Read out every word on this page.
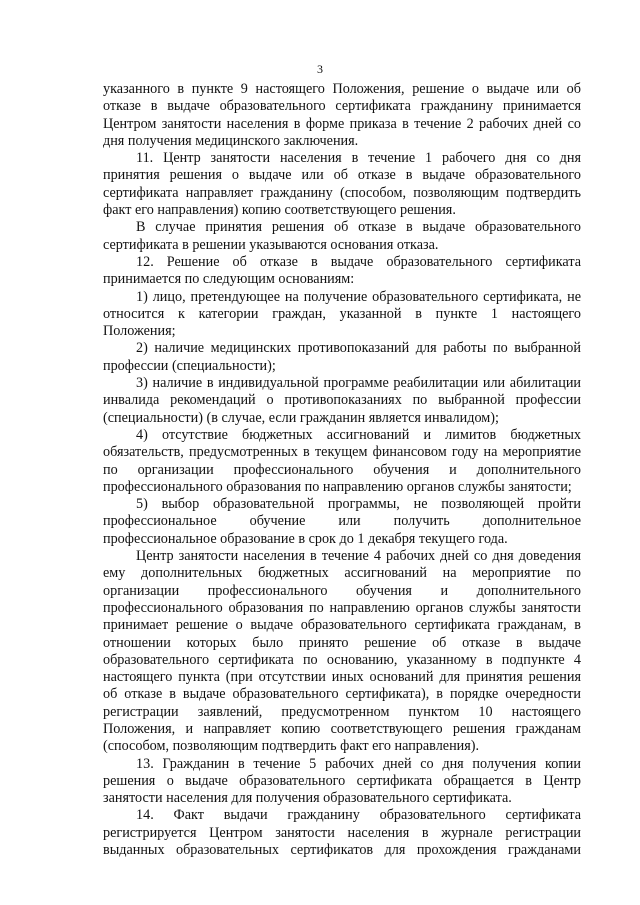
3
указанного в пункте 9 настоящего Положения, решение о выдаче или об
отказе в выдаче образовательного сертификата гражданину принимается
Центром занятости населения в форме приказа в течение 2 рабочих дней со
дня получения медицинского заключения.
11. Центр занятости населения в течение 1 рабочего дня со дня
принятия решения о выдаче или об отказе в выдаче образовательного
сертификата направляет гражданину (способом, позволяющим подтвердить
факт его направления) копию соответствующего решения.
В случае принятия решения об отказе в выдаче образовательного
сертификата в решении указываются основания отказа.
12. Решение об отказе в выдаче образовательного сертификата
принимается по следующим основаниям:
1) лицо, претендующее на получение образовательного сертификата, не
относится к категории граждан, указанной в пункте 1 настоящего
Положения;
2) наличие медицинских противопоказаний для работы по выбранной
профессии (специальности);
3) наличие в индивидуальной программе реабилитации или абилитации
инвалида рекомендаций о противопоказаниях по выбранной профессии
(специальности) (в случае, если гражданин является инвалидом);
4) отсутствие бюджетных ассигнований и лимитов бюджетных
обязательств, предусмотренных в текущем финансовом году на мероприятие
по организации профессионального обучения и дополнительного
профессионального образования по направлению органов службы занятости;
5) выбор образовательной программы, не позволяющей пройти
профессиональное обучение или получить дополнительное
профессиональное образование в срок до 1 декабря текущего года.
Центр занятости населения в течение 4 рабочих дней со дня доведения
ему дополнительных бюджетных ассигнований на мероприятие по
организации профессионального обучения и дополнительного
профессионального образования по направлению органов службы занятости
принимает решение о выдаче образовательного сертификата гражданам, в
отношении которых было принято решение об отказе в выдаче
образовательного сертификата по основанию, указанному в подпункте 4
настоящего пункта (при отсутствии иных оснований для принятия решения
об отказе в выдаче образовательного сертификата), в порядке очередности
регистрации заявлений, предусмотренном пунктом 10 настоящего
Положения, и направляет копию соответствующего решения гражданам
(способом, позволяющим подтвердить факт его направления).
13. Гражданин в течение 5 рабочих дней со дня получения копии
решения о выдаче образовательного сертификата обращается в Центр
занятости населения для получения образовательного сертификата.
14. Факт выдачи гражданину образовательного сертификата
регистрируется Центром занятости населения в журнале регистрации
выданных образовательных сертификатов для прохождения гражданами
